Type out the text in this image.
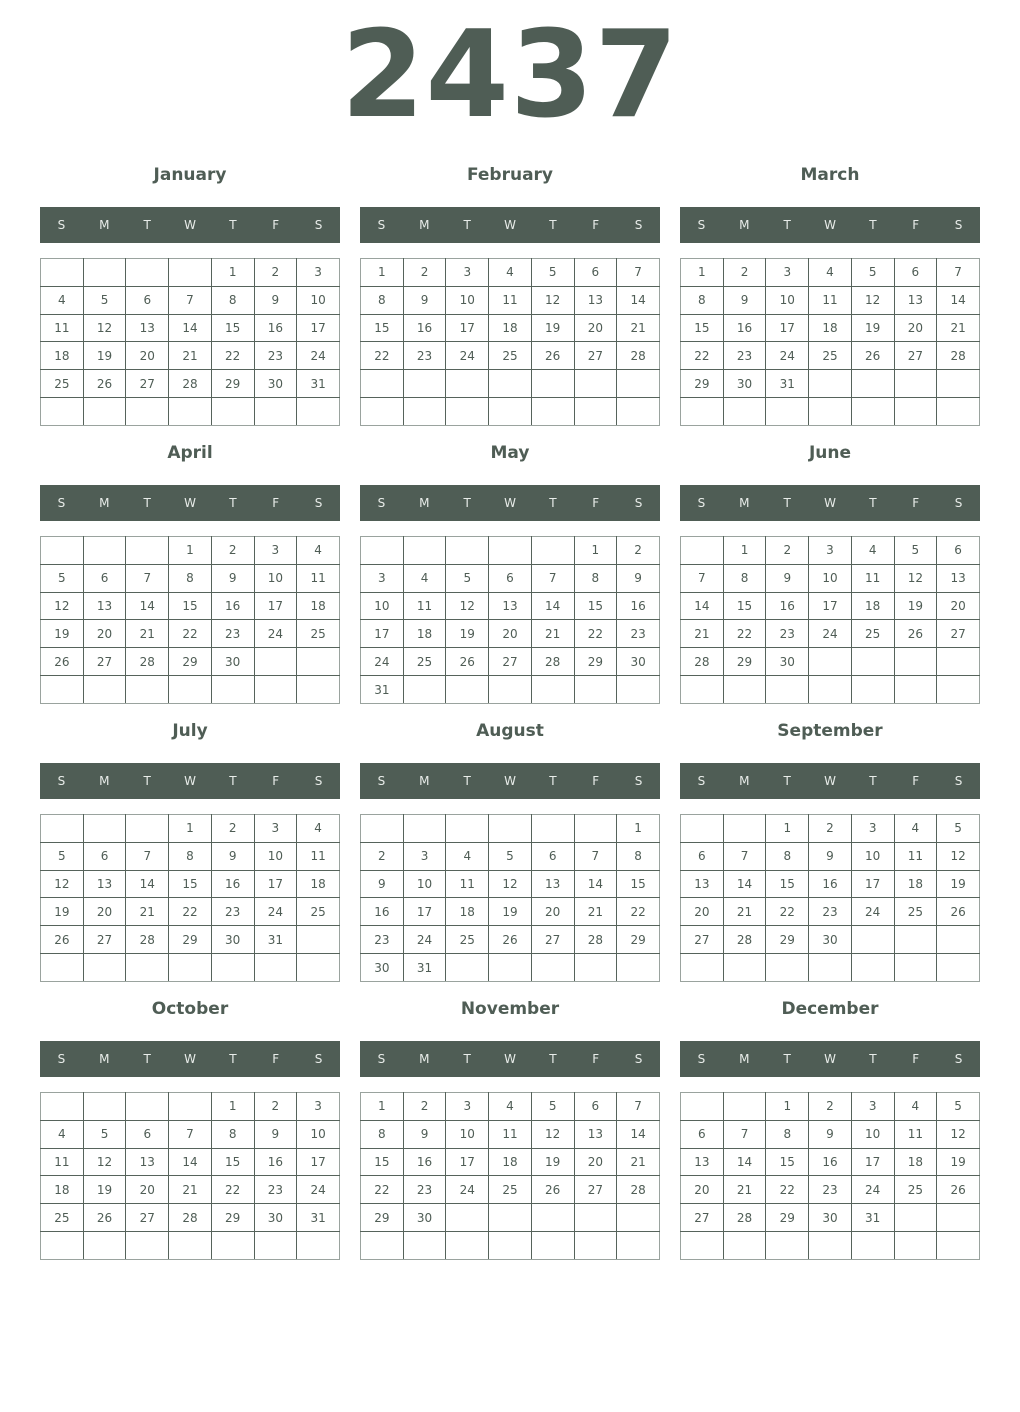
2437
January
S	M	T	W	T	F	S
				1	2	3
4	5	6	7	8	9	10
11	12	13	14	15	16	17
18	19	20	21	22	23	24
25	26	27	28	29	30	31

February
S	M	T	W	T	F	S
1	2	3	4	5	6	7
8	9	10	11	12	13	14
15	16	17	18	19	20	21
22	23	24	25	26	27	28

March
S	M	T	W	T	F	S
1	2	3	4	5	6	7
8	9	10	11	12	13	14
15	16	17	18	19	20	21
22	23	24	25	26	27	28
29	30	31				

April
S	M	T	W	T	F	S
			1	2	3	4
5	6	7	8	9	10	11
12	13	14	15	16	17	18
19	20	21	22	23	24	25
26	27	28	29	30		

May
S	M	T	W	T	F	S
					1	2
3	4	5	6	7	8	9
10	11	12	13	14	15	16
17	18	19	20	21	22	23
24	25	26	27	28	29	30
31						
June
S	M	T	W	T	F	S
	1	2	3	4	5	6
7	8	9	10	11	12	13
14	15	16	17	18	19	20
21	22	23	24	25	26	27
28	29	30				

July
S	M	T	W	T	F	S
			1	2	3	4
5	6	7	8	9	10	11
12	13	14	15	16	17	18
19	20	21	22	23	24	25
26	27	28	29	30	31	

August
S	M	T	W	T	F	S
						1
2	3	4	5	6	7	8
9	10	11	12	13	14	15
16	17	18	19	20	21	22
23	24	25	26	27	28	29
30	31					
September
S	M	T	W	T	F	S
		1	2	3	4	5
6	7	8	9	10	11	12
13	14	15	16	17	18	19
20	21	22	23	24	25	26
27	28	29	30			

October
S	M	T	W	T	F	S
				1	2	3
4	5	6	7	8	9	10
11	12	13	14	15	16	17
18	19	20	21	22	23	24
25	26	27	28	29	30	31

November
S	M	T	W	T	F	S
1	2	3	4	5	6	7
8	9	10	11	12	13	14
15	16	17	18	19	20	21
22	23	24	25	26	27	28
29	30					

December
S	M	T	W	T	F	S
		1	2	3	4	5
6	7	8	9	10	11	12
13	14	15	16	17	18	19
20	21	22	23	24	25	26
27	28	29	30	31		
